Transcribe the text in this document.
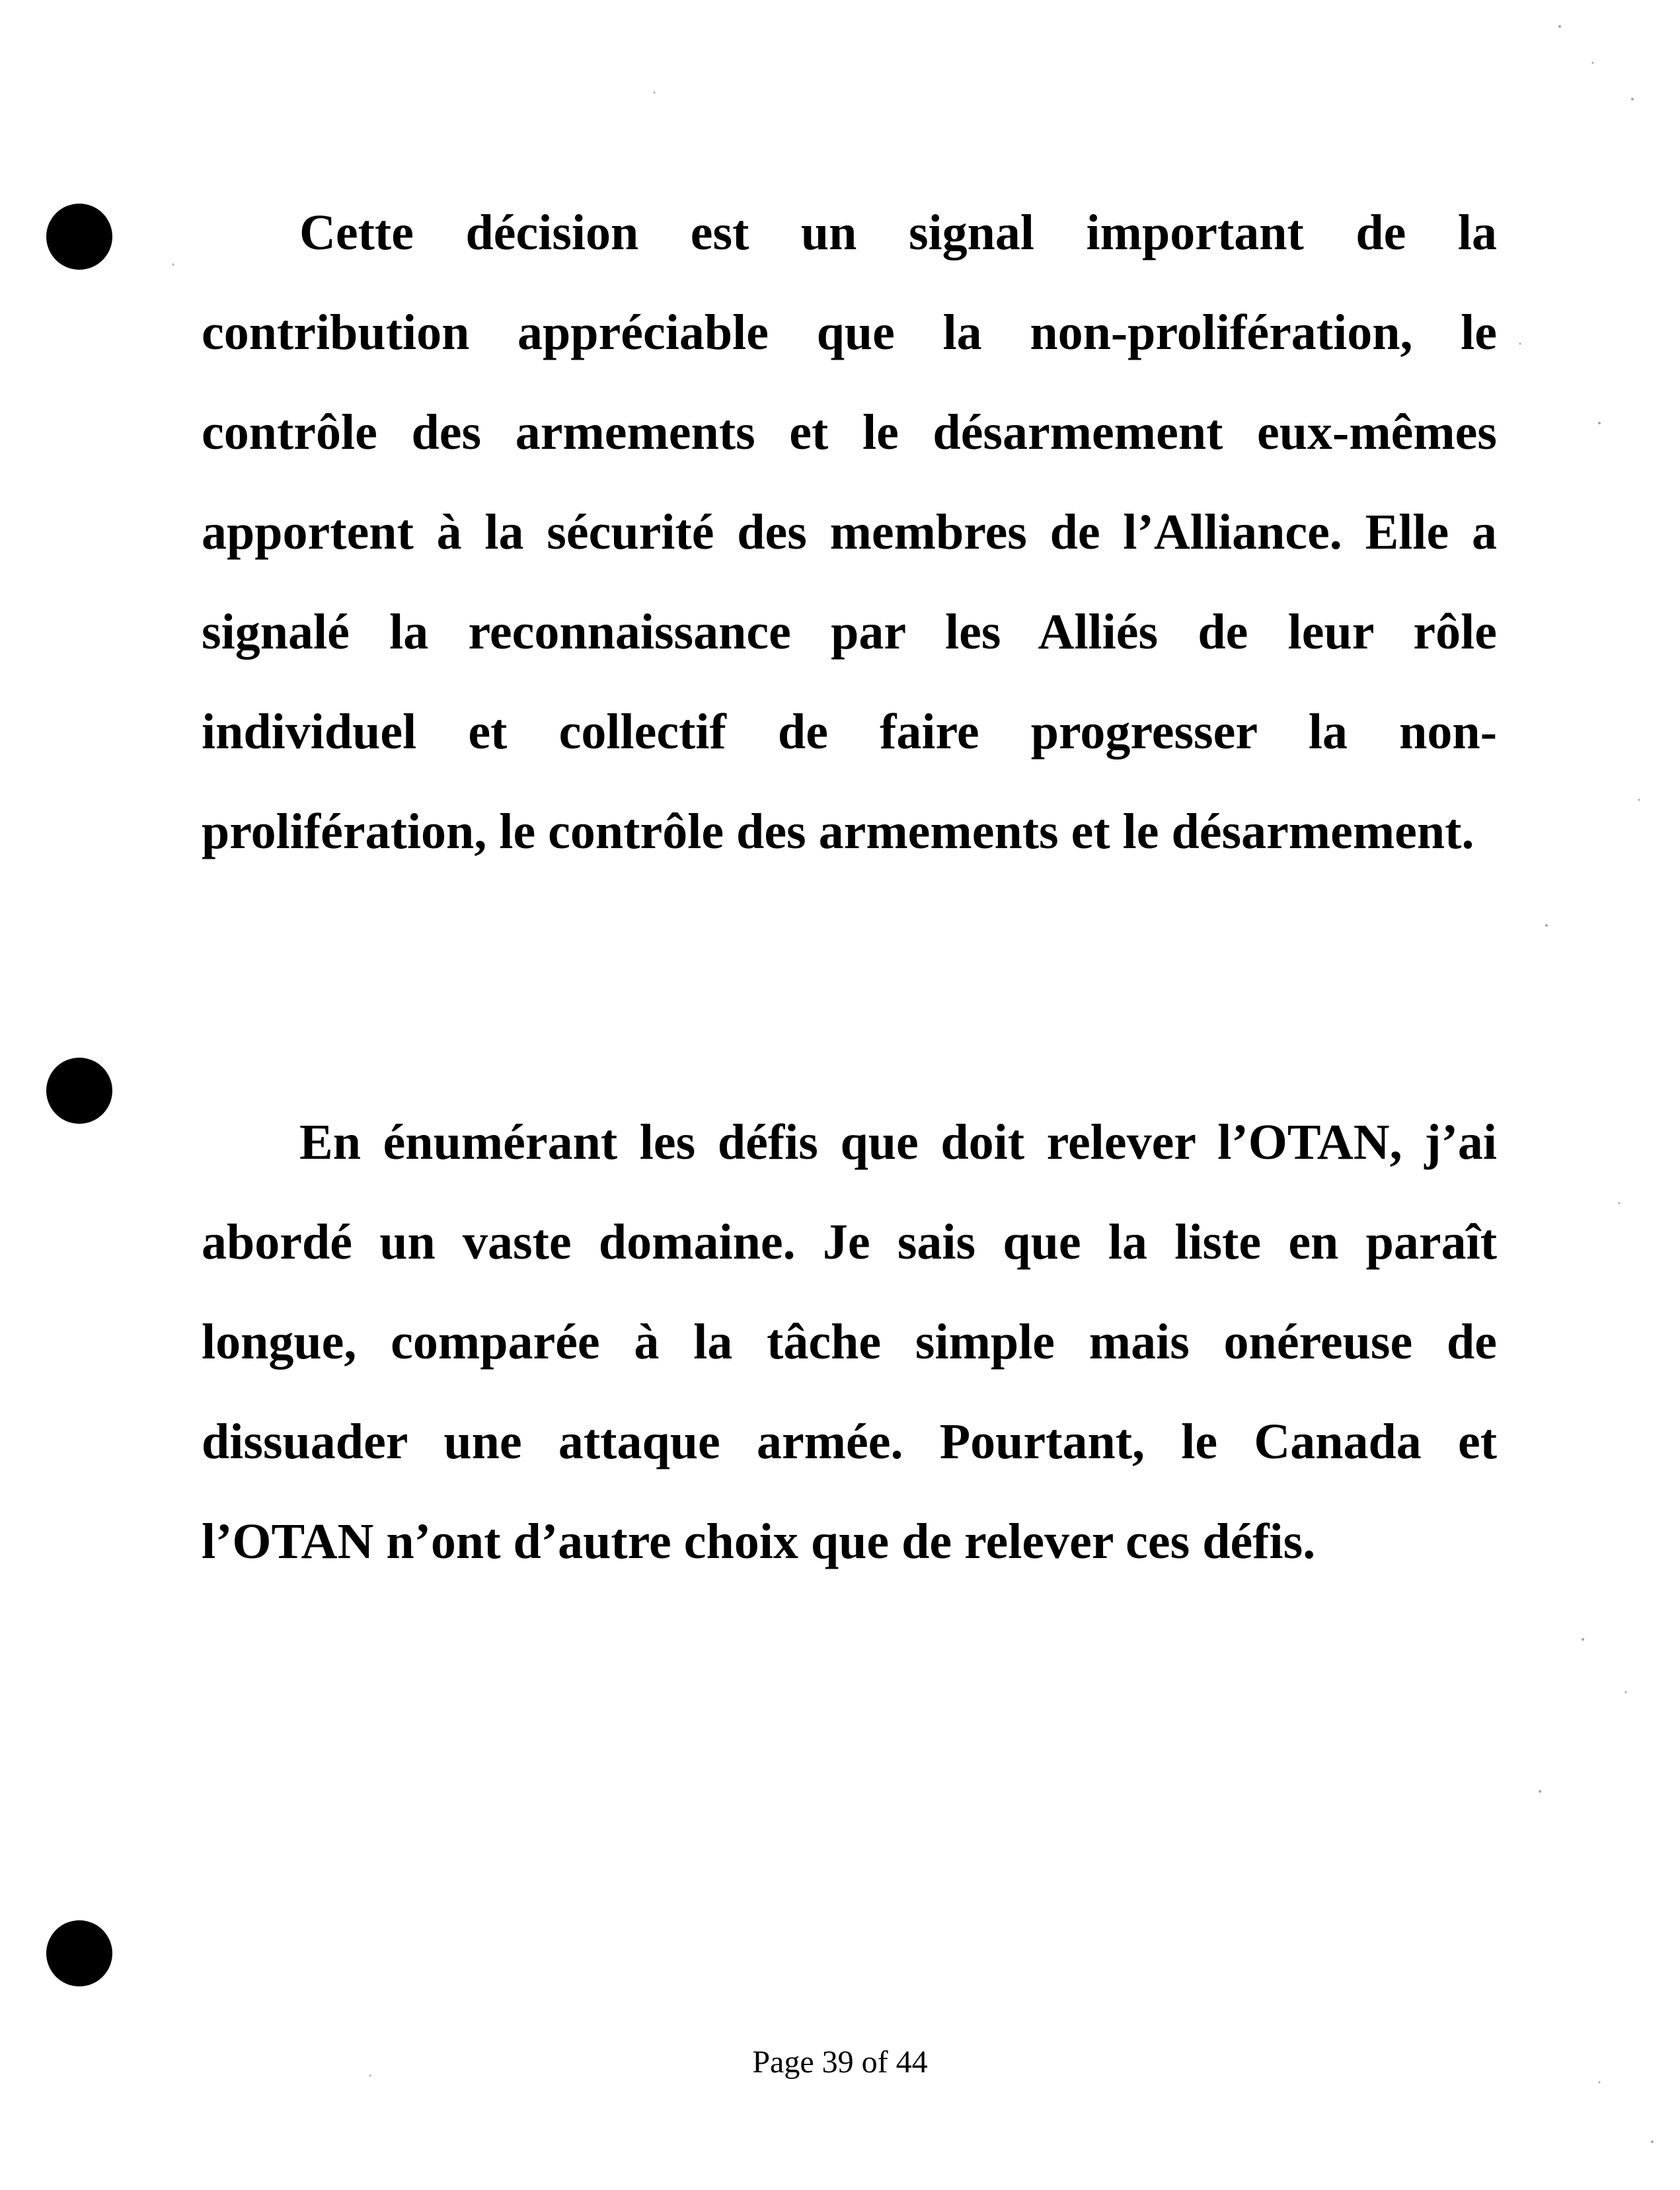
Cette décision est un signal important de la contribution appréciable que la non-prolifération, le contrôle des armements et le désarmement eux-mêmes apportent à la sécurité des membres de l’Alliance. Elle a signalé la reconnaissance par les Alliés de leur rôle individuel et collectif de faire progresser la non-prolifération, le contrôle des armements et le désarmement.

En énumérant les défis que doit relever l’OTAN, j’ai abordé un vaste domaine. Je sais que la liste en paraît longue, comparée à la tâche simple mais onéreuse de dissuader une attaque armée. Pourtant, le Canada et l’OTAN n’ont d’autre choix que de relever ces défis.

Page 39 of 44
